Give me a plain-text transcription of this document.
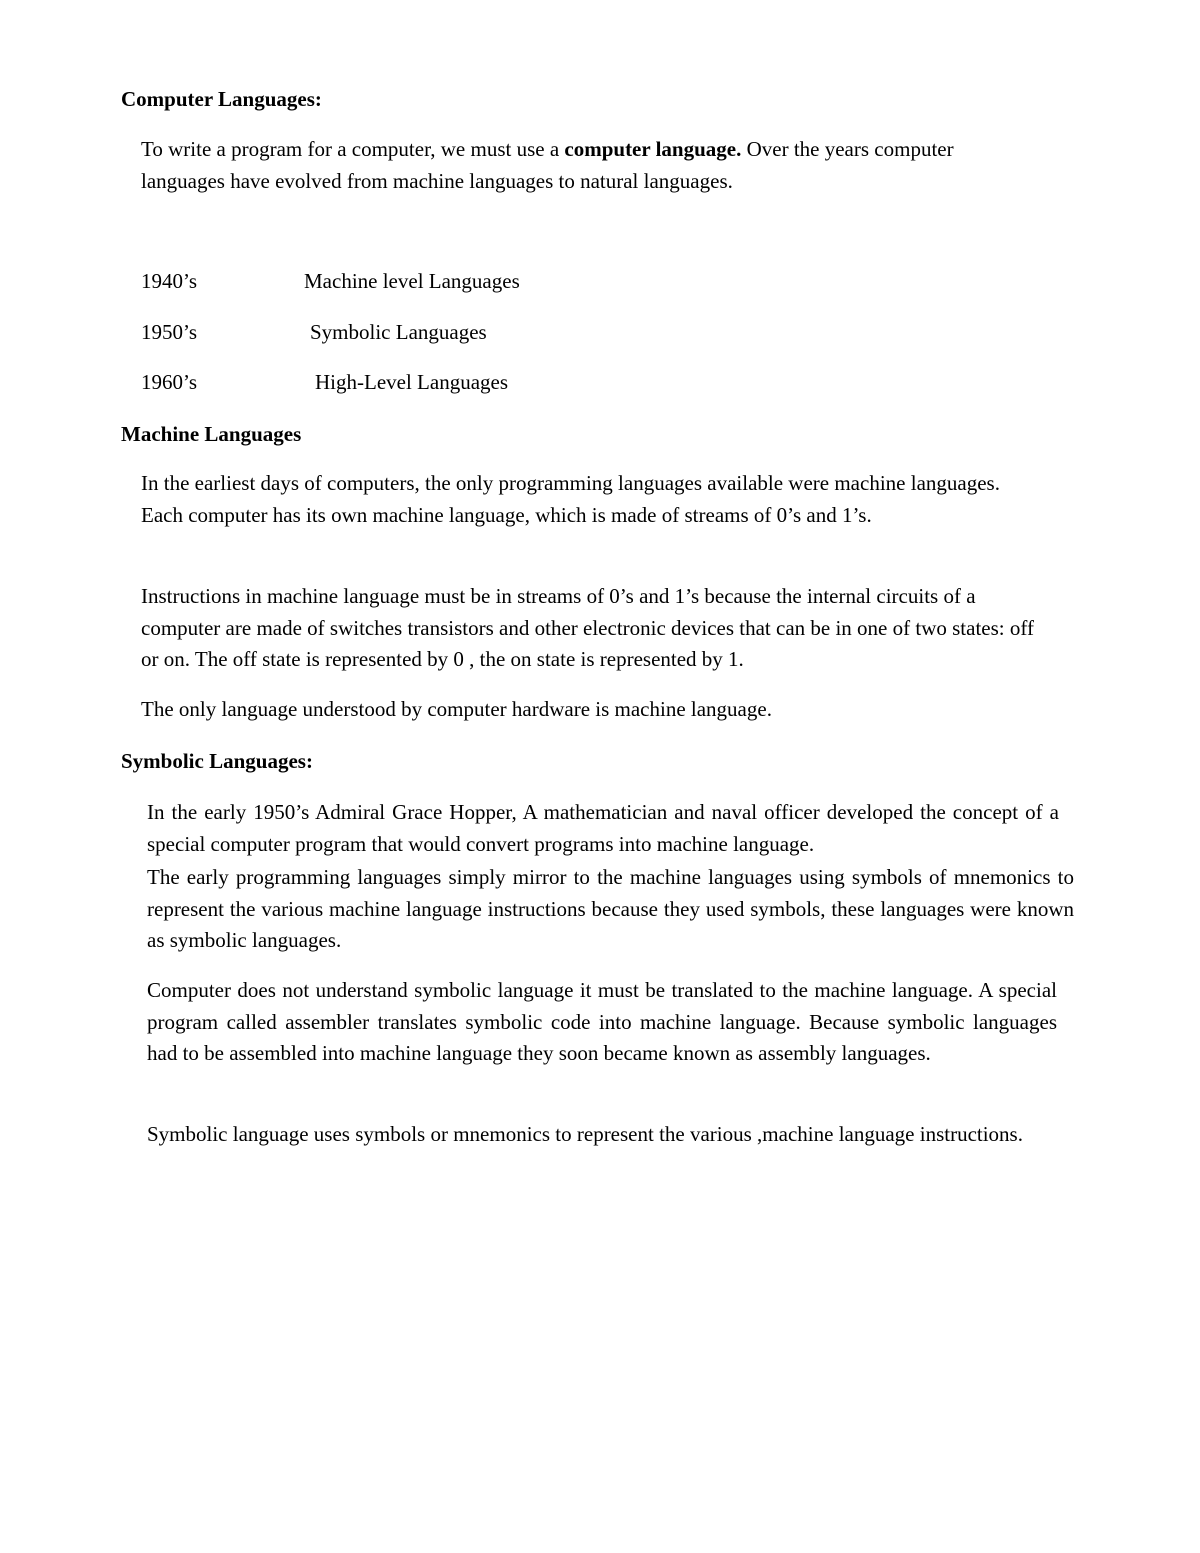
Computer Languages:

To write a program for a computer, we must use a computer language. Over the years computer languages have evolved from machine languages to natural languages.

1940’s	Machine level Languages
1950’s	Symbolic Languages
1960’s	High-Level Languages
Machine Languages

In the earliest days of computers, the only programming languages available were machine languages. Each computer has its own machine language, which is made of streams of 0’s and 1’s.

Instructions in machine language must be in streams of 0’s and 1’s because the internal circuits of a computer are made of switches transistors and other electronic devices that can be in one of two states: off or on. The off state is represented by 0 , the on state is represented by 1.

The only language understood by computer hardware is machine language.

Symbolic Languages:

In the early 1950’s Admiral Grace Hopper, A mathematician and naval officer developed the concept of a special computer program that would convert programs into machine language.

The early programming languages simply mirror to the machine languages using symbols of mnemonics to represent the various machine language instructions because they used symbols, these languages were known as symbolic languages.

Computer does not understand symbolic language it must be translated to the machine language. A special program called assembler translates symbolic code into machine language. Because symbolic languages had to be assembled into machine language they soon became known as assembly languages.

Symbolic language uses symbols or mnemonics to represent the various ,machine language instructions.
